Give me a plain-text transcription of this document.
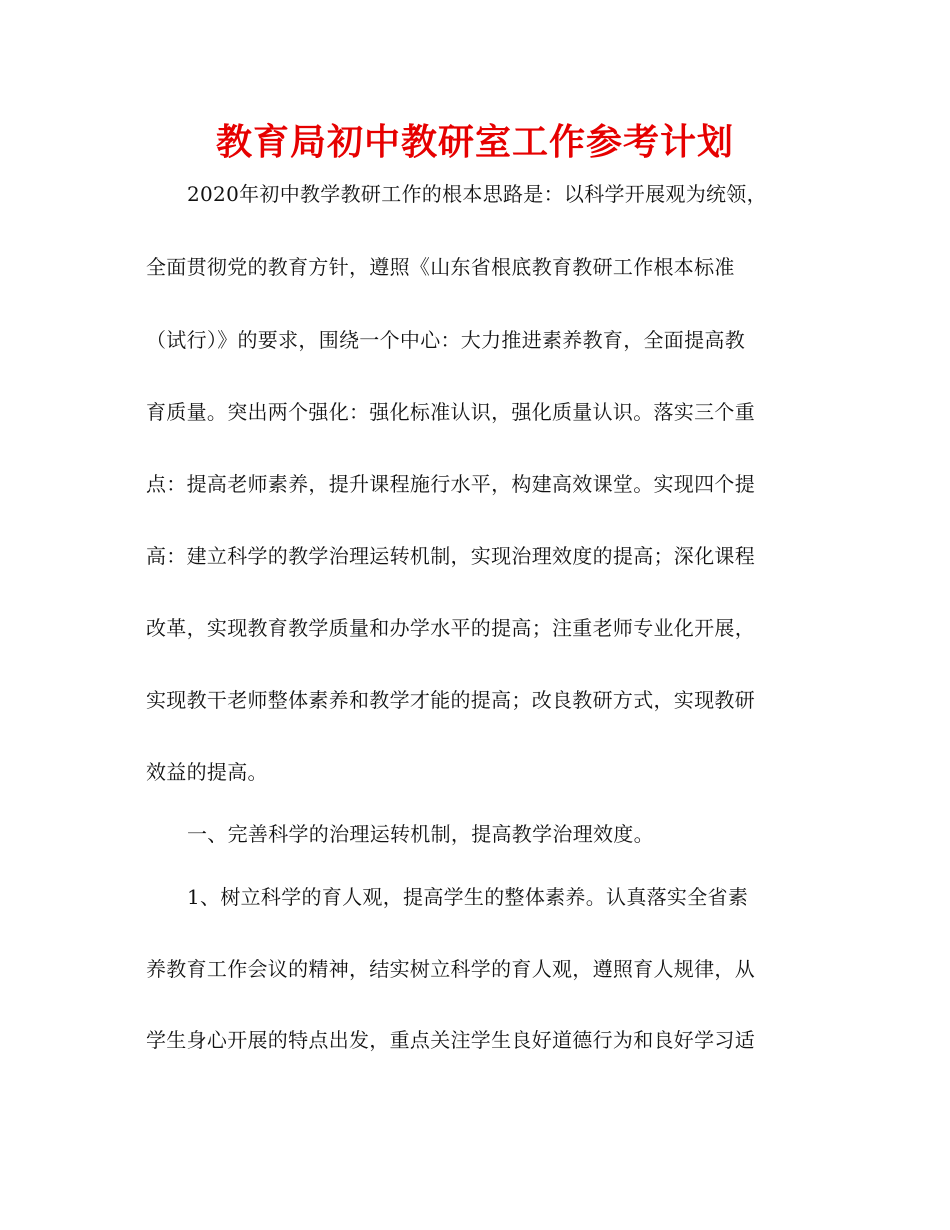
教育局初中教研室工作参考计划
2020年初中教学教研工作的根本思路是：以科学开展观为统领，
全面贯彻党的教育方针，遵照《山东省根底教育教研工作根本标准
（试行）》的要求，围绕一个中心：大力推进素养教育，全面提高教
育质量。突出两个强化：强化标准认识，强化质量认识。落实三个重
点：提高老师素养，提升课程施行水平，构建高效课堂。实现四个提
高：建立科学的教学治理运转机制，实现治理效度的提高；深化课程
改革，实现教育教学质量和办学水平的提高；注重老师专业化开展，
实现教干老师整体素养和教学才能的提高；改良教研方式，实现教研
效益的提高。
一、完善科学的治理运转机制，提高教学治理效度。
1、树立科学的育人观，提高学生的整体素养。认真落实全省素
养教育工作会议的精神，结实树立科学的育人观，遵照育人规律，从
学生身心开展的特点出发，重点关注学生良好道德行为和良好学习适
